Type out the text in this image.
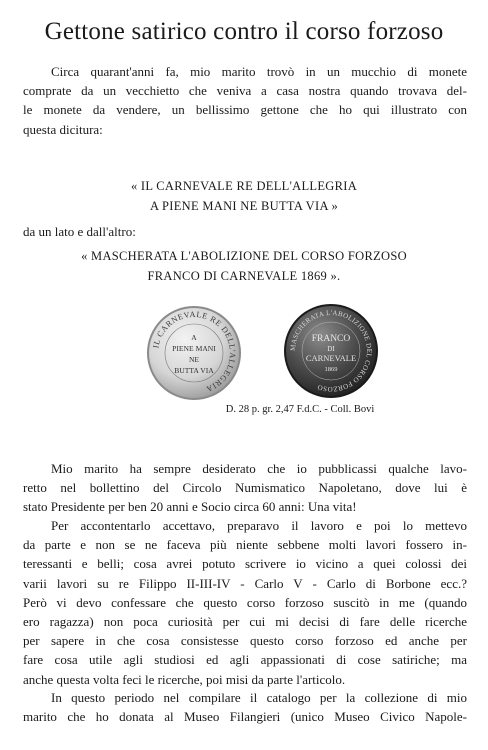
Gettone satirico contro il corso forzoso

Circa quarant'anni fa, mio marito trovò in un mucchio di monete
comprate da un vecchietto che veniva a casa nostra quando trovava del-
le monete da vendere, un bellissimo gettone che ho qui illustrato con
questa dicitura:

« IL CARNEVALE RE DELL'ALLEGRIA
A PIENE MANI NE BUTTA VIA »

da un lato e dall'altro:

« MASCHERATA L'ABOLIZIONE DEL CORSO FORZOSO
FRANCO DI CARNEVALE 1869 ».

IL CARNEVALE RE DELL'ALLEGRIA
A
PIENE MANI
NE
BUTTA VIA
MASCHERATA L'ABOLIZIONE DEL CORSO FORZOSO
FRANCO
DI
CARNEVALE
1869

D. 28 p. gr. 2,47 F.d.C. - Coll. Bovi

Mio marito ha sempre desiderato che io pubblicassi qualche lavo-
retto nel bollettino del Circolo Numismatico Napoletano, dove lui è
stato Presidente per ben 20 anni e Socio circa 60 anni: Una vita!

Per accontentarlo accettavo, preparavo il lavoro e poi lo mettevo
da parte e non se ne faceva più niente sebbene molti lavori fossero in-
teressanti e belli; cosa avrei potuto scrivere io vicino a quei colossi dei
varii lavori su re Filippo II-III-IV - Carlo V - Carlo di Borbone ecc.?
Però vi devo confessare che questo corso forzoso suscitò in me (quando
ero ragazza) non poca curiosità per cui mi decisi di fare delle ricerche
per sapere in che cosa consistesse questo corso forzoso ed anche per
fare cosa utile agli studiosi ed agli appassionati di cose satiriche; ma
anche questa volta feci le ricerche, poi misi da parte l'articolo.

In questo periodo nel compilare il catalogo per la collezione di mio
marito che ho donata al Museo Filangieri (unico Museo Civico Napole-
